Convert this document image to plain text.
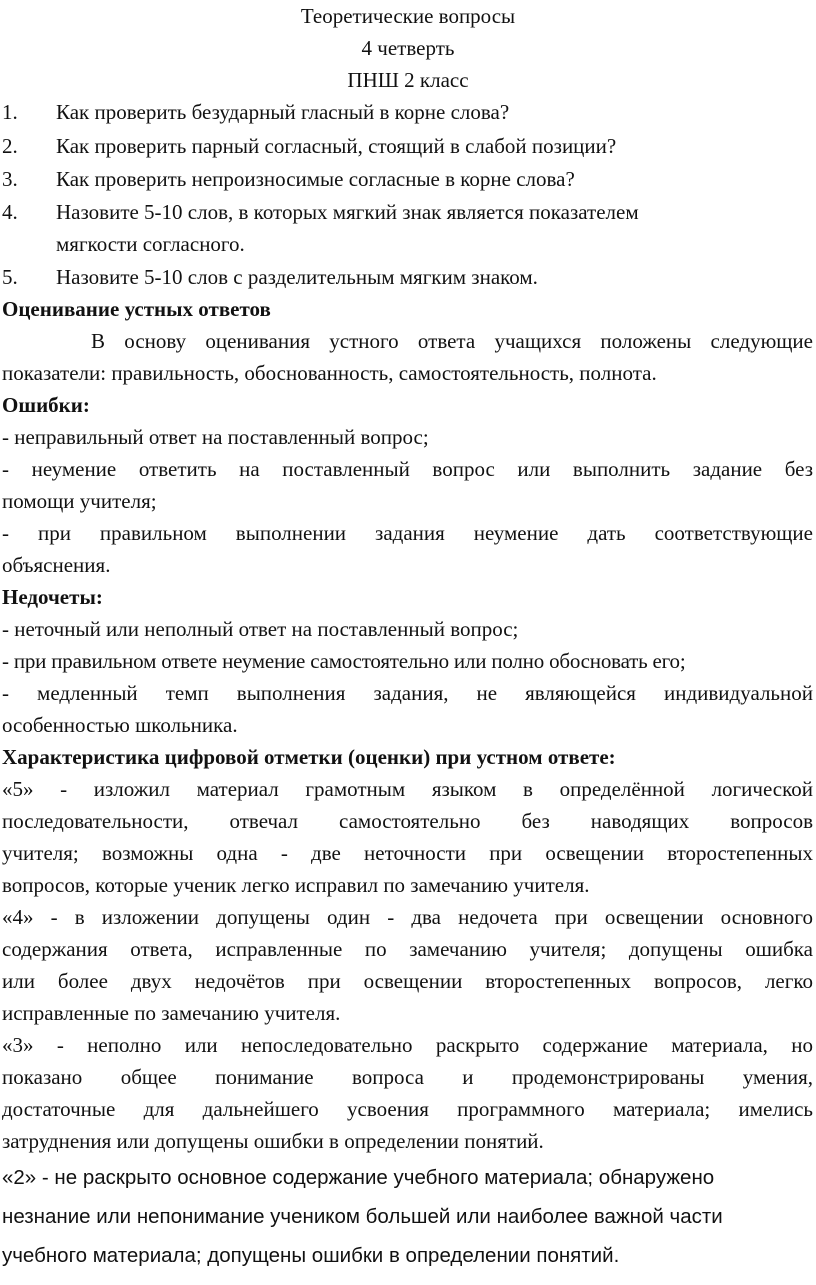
Теоретические вопросы
4 четверть
ПНШ 2 класс
1. Как проверить безударный гласный в корне слова?
2. Как проверить парный согласный, стоящий в слабой позиции?
3. Как проверить непроизносимые согласные в корне слова?
4. Назовите 5-10 слов, в которых мягкий знак является показателем
мягкости согласного.
5. Назовите 5-10 слов с разделительным мягким знаком.
Оценивание устных ответов
В основу оценивания устного ответа учащихся положены следующие
показатели: правильность, обоснованность, самостоятельность, полнота.
Ошибки:
- неправильный ответ на поставленный вопрос;
- неумение ответить на поставленный вопрос или выполнить задание без
помощи учителя;
- при правильном выполнении задания неумение дать соответствующие
объяснения.
Недочеты:
- неточный или неполный ответ на поставленный вопрос;
- при правильном ответе неумение самостоятельно или полно обосновать его;
- медленный темп выполнения задания, не являющейся индивидуальной
особенностью школьника.
Характеристика цифровой отметки (оценки) при устном ответе:
«5» - изложил материал грамотным языком в определённой логической
последовательности, отвечал самостоятельно без наводящих вопросов
учителя; возможны одна - две неточности при освещении второстепенных
вопросов, которые ученик легко исправил по замечанию учителя.
«4» - в изложении допущены один - два недочета при освещении основного
содержания ответа, исправленные по замечанию учителя; допущены ошибка
или более двух недочётов при освещении второстепенных вопросов, легко
исправленные по замечанию учителя.
«3» - неполно или непоследовательно раскрыто содержание материала, но
показано общее понимание вопроса и продемонстрированы умения,
достаточные для дальнейшего усвоения программного материала; имелись
затруднения или допущены ошибки в определении понятий.
«2» - не раскрыто основное содержание учебного материала; обнаружено
незнание или непонимание учеником большей или наиболее важной части
учебного материала; допущены ошибки в определении понятий.
